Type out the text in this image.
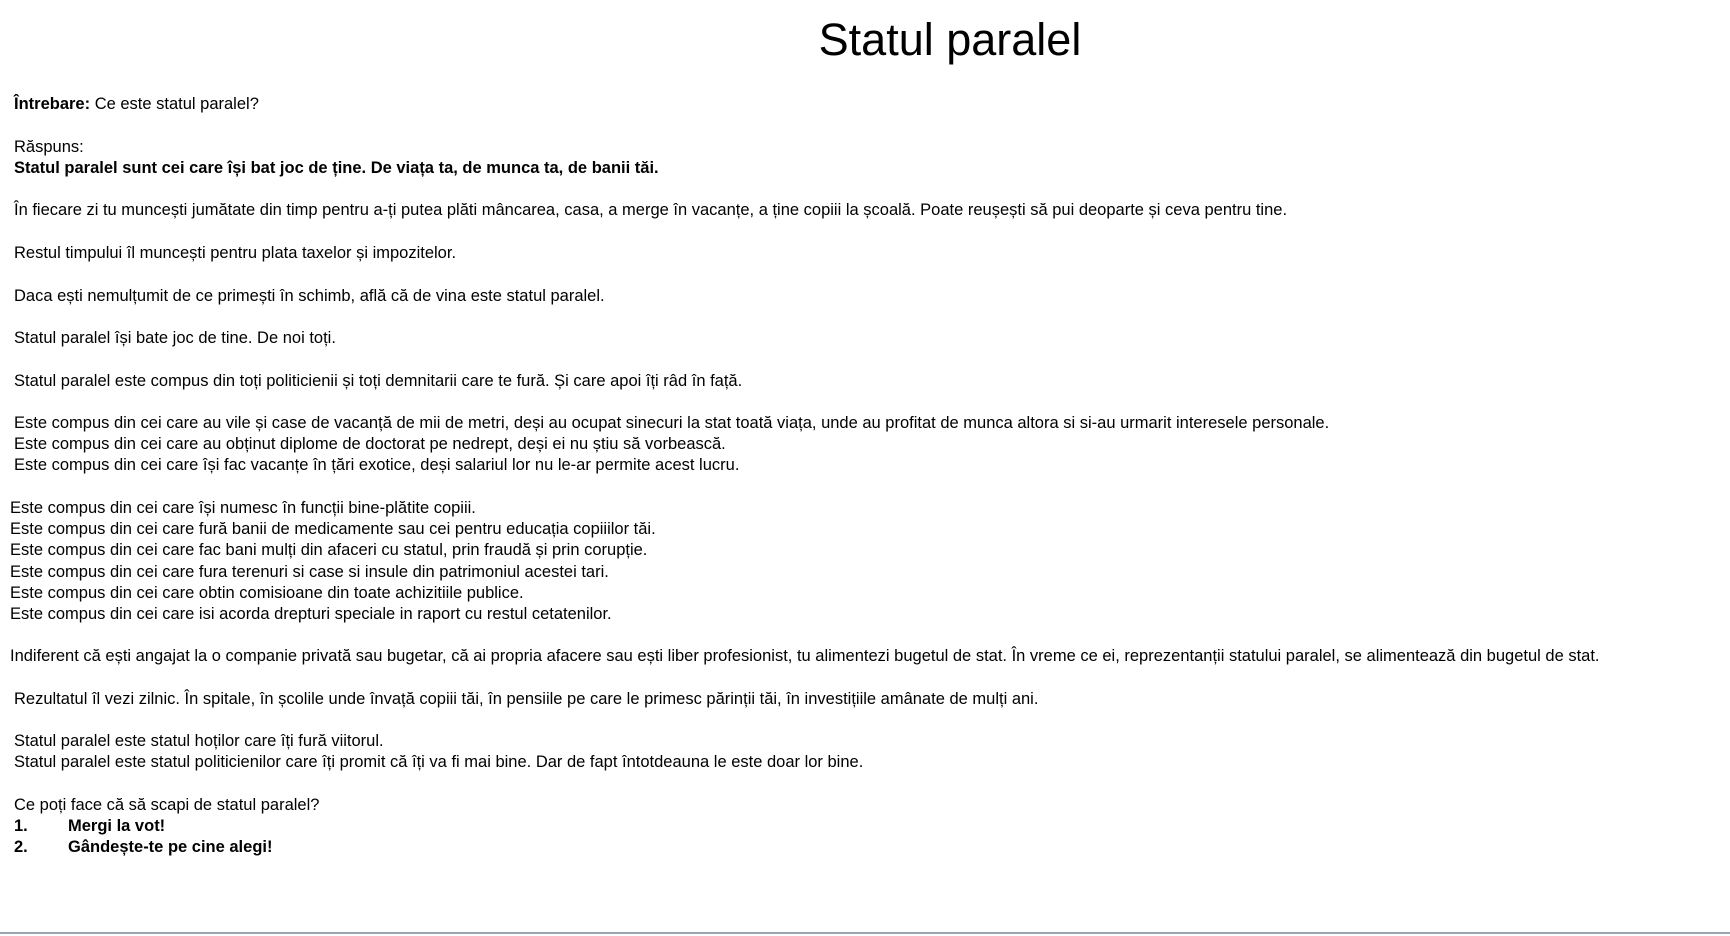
Statul paralel
Întrebare: Ce este statul paralel?
Răspuns:
Statul paralel sunt cei care își bat joc de ține. De viața ta, de munca ta, de banii tăi.
În fiecare zi tu muncești jumătate din timp pentru a-ți putea plăti mâncarea, casa, a merge în vacanțe, a ține copiii la școală. Poate reușești să pui deoparte și ceva pentru tine.
Restul timpului îl muncești pentru plata taxelor și impozitelor.
Daca ești nemulțumit de ce primești în schimb, află că de vina este statul paralel.
Statul paralel își bate joc de tine. De noi toți.
Statul paralel este compus din toți politicienii și toți demnitarii care te fură. Și care apoi îți râd în față.
Este compus din cei care au vile și case de vacanță de mii de metri, deși au ocupat sinecuri la stat toată viața, unde au profitat de munca altora si si-au urmarit interesele personale.
Este compus din cei care au obținut diplome de doctorat pe nedrept, deși ei nu știu să vorbească.
Este compus din cei care își fac vacanțe în țări exotice, deși salariul lor nu le-ar permite acest lucru.
Este compus din cei care își numesc în funcții bine-plătite copiii.
Este compus din cei care fură banii de medicamente sau cei pentru educația copiiilor tăi.
Este compus din cei care fac bani mulți din afaceri cu statul, prin fraudă și prin corupție.
Este compus din cei care fura terenuri si case si insule din patrimoniul acestei tari.
Este compus din cei care obtin comisioane din toate achizitiile publice.
Este compus din cei care isi acorda drepturi speciale in raport cu restul cetatenilor.
Indiferent că ești angajat la o companie privată sau bugetar, că ai propria afacere sau ești liber profesionist, tu alimentezi bugetul de stat. În vreme ce ei, reprezentanții statului paralel, se alimentează din bugetul de stat.
Rezultatul îl vezi zilnic. În spitale, în școlile unde învață copiii tăi, în pensiile pe care le primesc părinții tăi, în investițiile amânate de mulți ani.
Statul paralel este statul hoților care îți fură viitorul.
Statul paralel este statul politicienilor care îți promit că îți va fi mai bine. Dar de fapt întotdeauna le este doar lor bine.
Ce poți face că să scapi de statul paralel?
1. Mergi la vot!
2. Gândește-te pe cine alegi!
